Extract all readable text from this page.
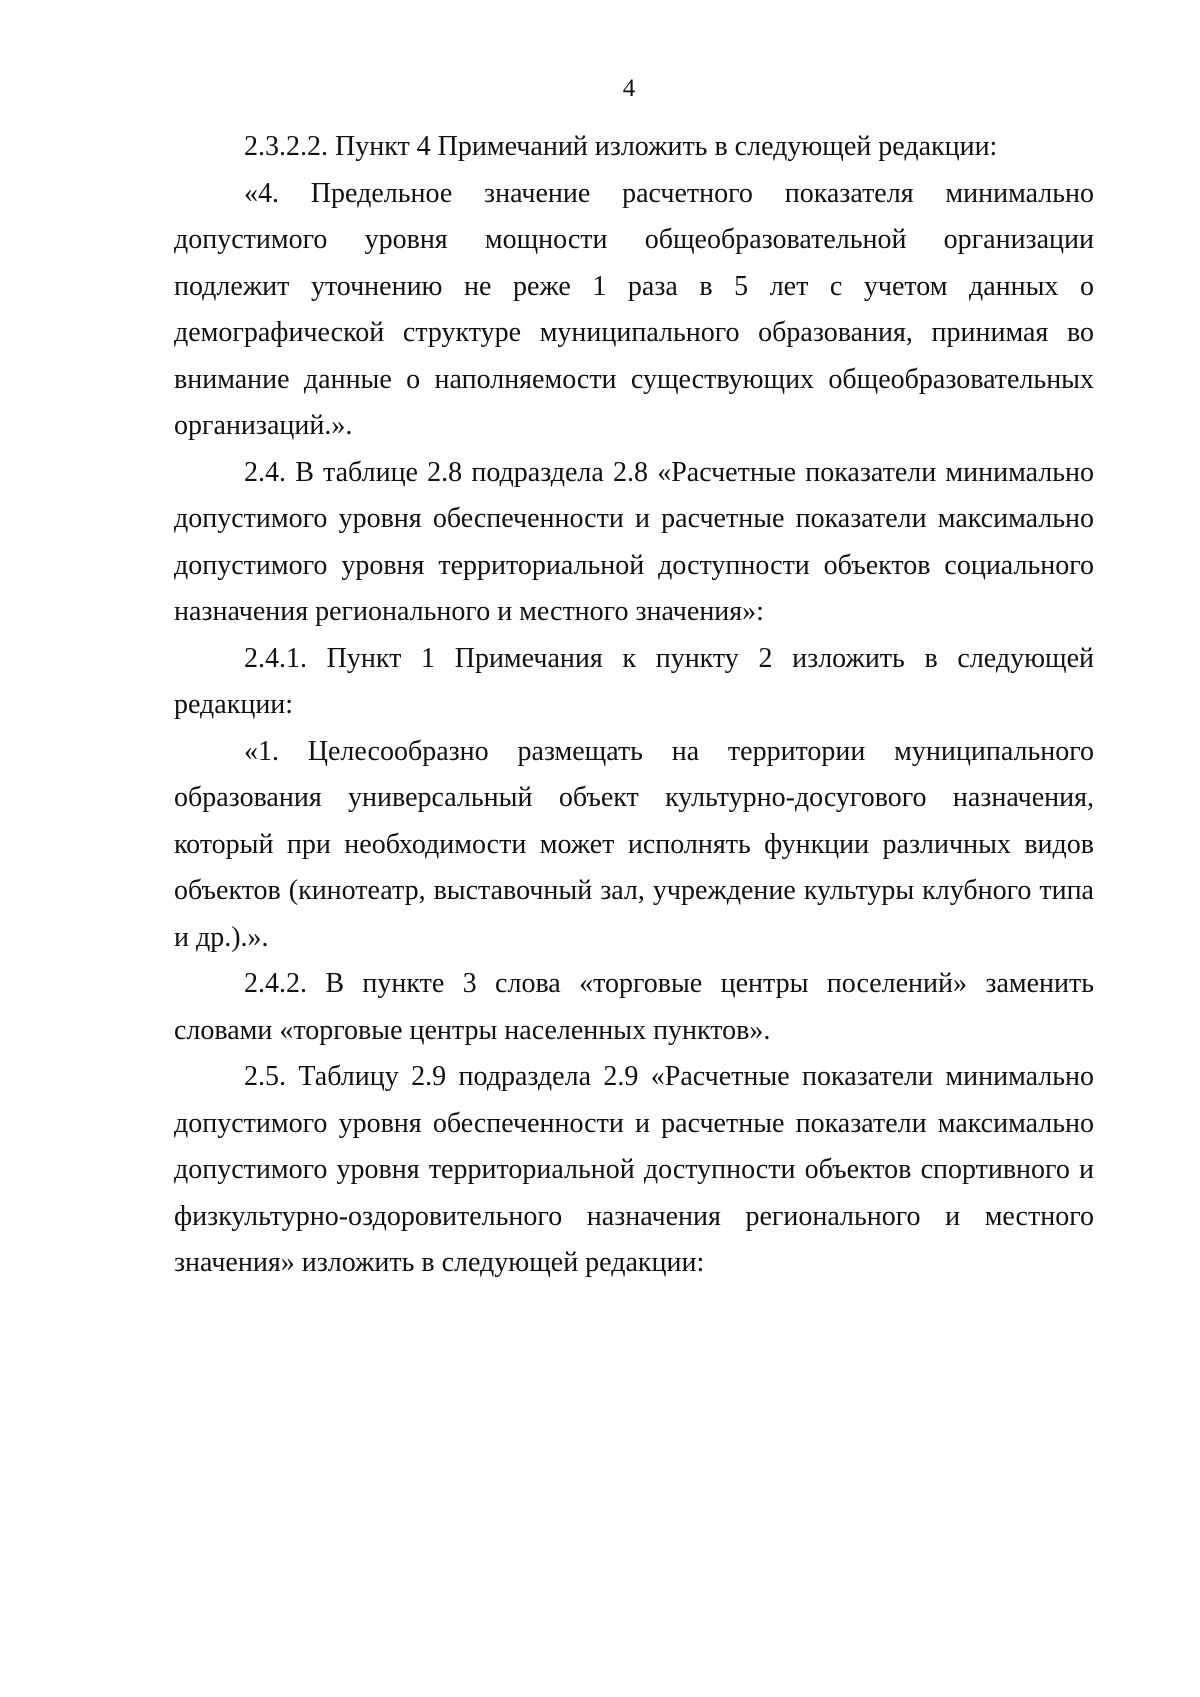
4

2.3.2.2. Пункт 4 Примечаний изложить в следующей редакции:

«4. Предельное значение расчетного показателя минимально допустимого уровня мощности общеобразовательной организации подлежит уточнению не реже 1 раза в 5 лет с учетом данных о демографической структуре муниципального образования, принимая во внимание данные о наполняемости существующих общеобразовательных организаций.».

2.4. В таблице 2.8 подраздела 2.8 «Расчетные показатели минимально допустимого уровня обеспеченности и расчетные показатели максимально допустимого уровня территориальной доступности объектов социального назначения регионального и местного значения»:

2.4.1. Пункт 1 Примечания к пункту 2 изложить в следующей редакции:

«1. Целесообразно размещать на территории муниципального образования универсальный объект культурно-досугового назначения, который при необходимости может исполнять функции различных видов объектов (кинотеатр, выставочный зал, учреждение культуры клубного типа и др.).».

2.4.2. В пункте 3 слова «торговые центры поселений» заменить словами «торговые центры населенных пунктов».

2.5. Таблицу 2.9 подраздела 2.9 «Расчетные показатели минимально допустимого уровня обеспеченности и расчетные показатели максимально допустимого уровня территориальной доступности объектов спортивного и физкультурно-оздоровительного назначения регионального и местного значения» изложить в следующей редакции:
